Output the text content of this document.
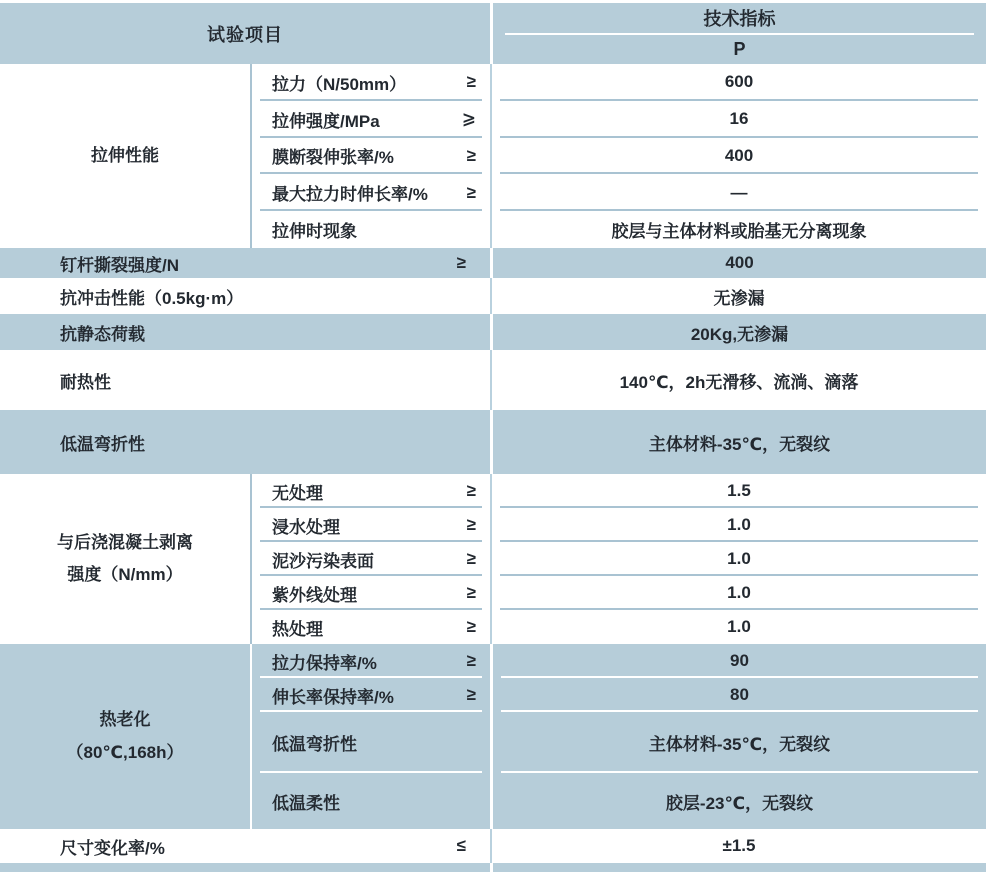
试验项目
技术指标
P
拉伸性能
拉力（N/50mm）	≥	600
拉伸强度/MPa	⩾	16
膜断裂伸张率/%	≥	400
最大拉力时伸长率/% ≥	—
拉伸时现象	胶层与主体材料或胎基无分离现象
钉杆撕裂强度/N	≥	400
抗冲击性能（0.5kg·m）	无渗漏
抗静态荷载	20Kg,无渗漏
耐热性	140℃，2h无滑移、流淌、滴落
低温弯折性	主体材料-35℃，无裂纹
与后浇混凝土剥离
强度（N/mm）
无处理	≥	1.5
浸水处理	≥	1.0
泥沙污染表面	≥	1.0
紫外线处理	≥	1.0
热处理	≥	1.0
热老化
（80℃,168h）
拉力保持率/%	≥	90
伸长率保持率/%	≥	80
低温弯折性	主体材料-35℃，无裂纹
低温柔性	胶层-23℃，无裂纹
尺寸变化率/%	≤	±1.5
